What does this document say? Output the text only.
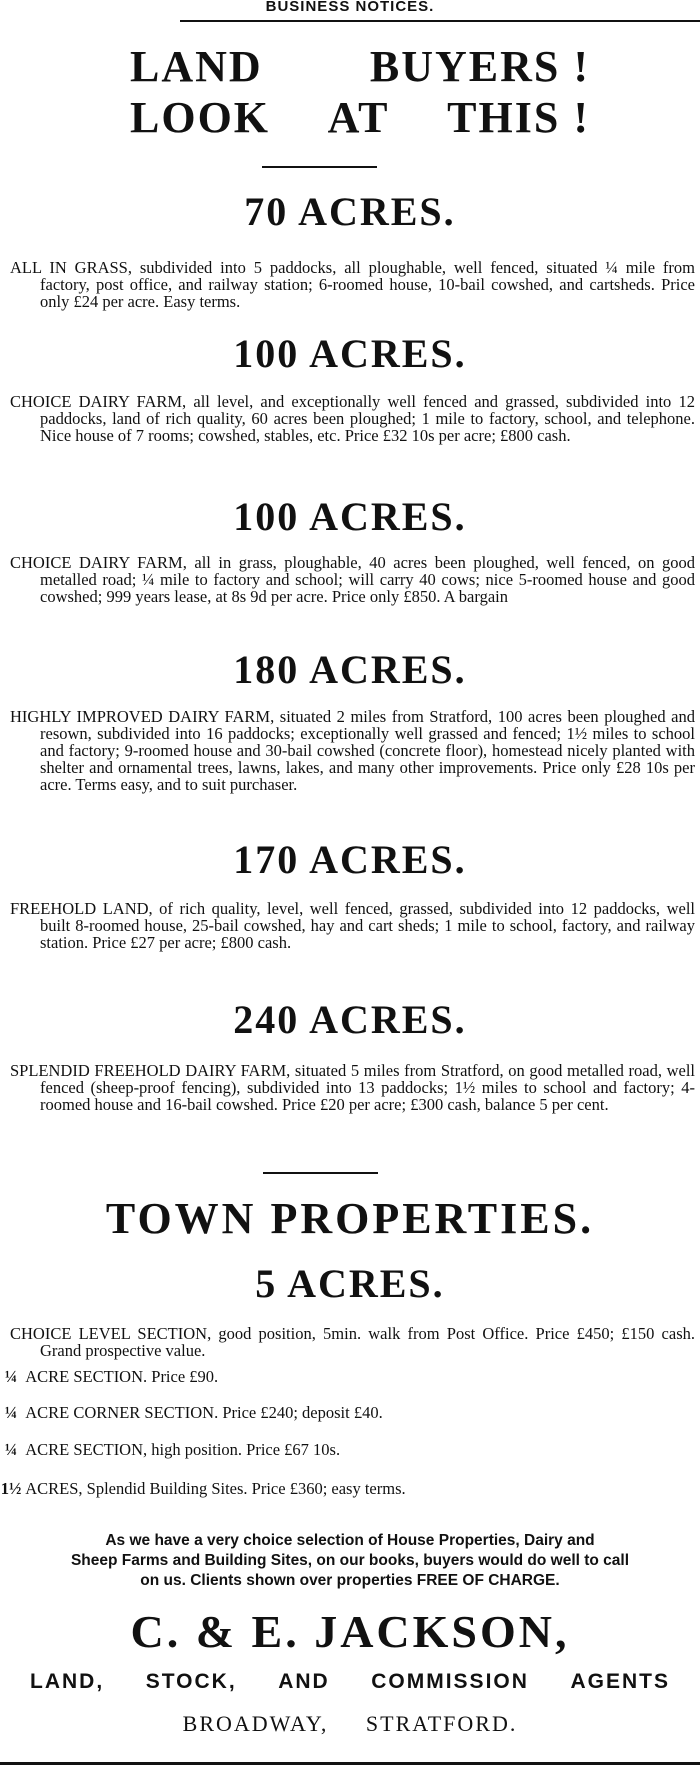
BUSINESS NOTICES.
LAND BUYERS !
LOOK AT THIS !
70 ACRES.
ALL IN GRASS, subdivided into 5 paddocks, all ploughable, well fenced, situated ¼ mile from factory, post office, and railway station; 6-roomed house, 10-bail cowshed, and cartsheds. Price only £24 per acre. Easy terms.
100 ACRES.
CHOICE DAIRY FARM, all level, and exceptionally well fenced and grassed, subdivided into 12 paddocks, land of rich quality, 60 acres been ploughed; 1 mile to factory, school, and telephone. Nice house of 7 rooms; cowshed, stables, etc. Price £32 10s per acre; £800 cash.
100 ACRES.
CHOICE DAIRY FARM, all in grass, ploughable, 40 acres been ploughed, well fenced, on good metalled road; ¼ mile to factory and school; will carry 40 cows; nice 5-roomed house and good cowshed; 999 years lease, at 8s 9d per acre. Price only £850. A bargain
180 ACRES.
HIGHLY IMPROVED DAIRY FARM, situated 2 miles from Stratford, 100 acres been ploughed and resown, subdivided into 16 paddocks; exceptionally well grassed and fenced; 1½ miles to school and factory; 9-roomed house and 30-bail cowshed (concrete floor), homestead nicely planted with shelter and ornamental trees, lawns, lakes, and many other improvements. Price only £28 10s per acre. Terms easy, and to suit purchaser.
170 ACRES.
FREEHOLD LAND, of rich quality, level, well fenced, grassed, subdivided into 12 paddocks, well built 8-roomed house, 25-bail cowshed, hay and cart sheds; 1 mile to school, factory, and railway station. Price £27 per acre; £800 cash.
240 ACRES.
SPLENDID FREEHOLD DAIRY FARM, situated 5 miles from Stratford, on good metalled road, well fenced (sheep-proof fencing), subdivided into 13 paddocks; 1½ miles to school and factory; 4-roomed house and 16-bail cowshed. Price £20 per acre; £300 cash, balance 5 per cent.
TOWN PROPERTIES.
5 ACRES.
CHOICE LEVEL SECTION, good position, 5min. walk from Post Office. Price £450; £150 cash. Grand prospective value.
¼ ACRE SECTION. Price £90.
¼ ACRE CORNER SECTION. Price £240; deposit £40.
¼ ACRE SECTION, high position. Price £67 10s.
1½ ACRES, Splendid Building Sites. Price £360; easy terms.
As we have a very choice selection of House Properties, Dairy and
Sheep Farms and Building Sites, on our books, buyers would do well to call
on us. Clients shown over properties FREE OF CHARGE.
C. & E. JACKSON,
LAND, STOCK, AND COMMISSION AGENTS
BROADWAY,     STRATFORD.
